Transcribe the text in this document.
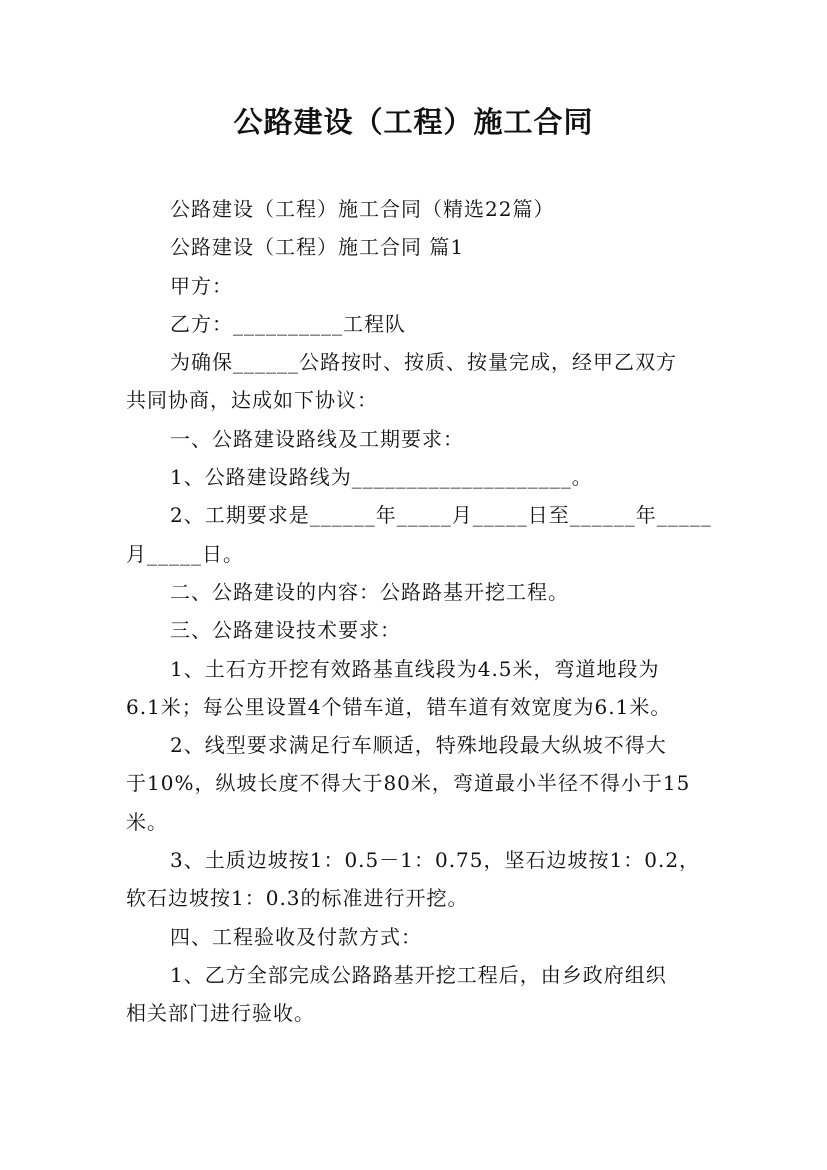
公路建设（工程）施工合同

公路建设（工程）施工合同（精选22篇）

公路建设（工程）施工合同 篇1

甲方：

乙方：__________工程队

为确保______公路按时、按质、按量完成，经甲乙双方
共同协商，达成如下协议：

一、公路建设路线及工期要求：

1、公路建设路线为____________________。

2、工期要求是______年_____月_____日至______年_____
月_____日。

二、公路建设的内容：公路路基开挖工程。

三、公路建设技术要求：

1、土石方开挖有效路基直线段为4.5米，弯道地段为
6.1米；每公里设置4个错车道，错车道有效宽度为6.1米。

2、线型要求满足行车顺适，特殊地段最大纵坡不得大
于10%，纵坡长度不得大于80米，弯道最小半径不得小于15
米。

3、土质边坡按1：0.5－1：0.75，坚石边坡按1：0.2，
软石边坡按1：0.3的标准进行开挖。

四、工程验收及付款方式：

1、乙方全部完成公路路基开挖工程后，由乡政府组织
相关部门进行验收。
